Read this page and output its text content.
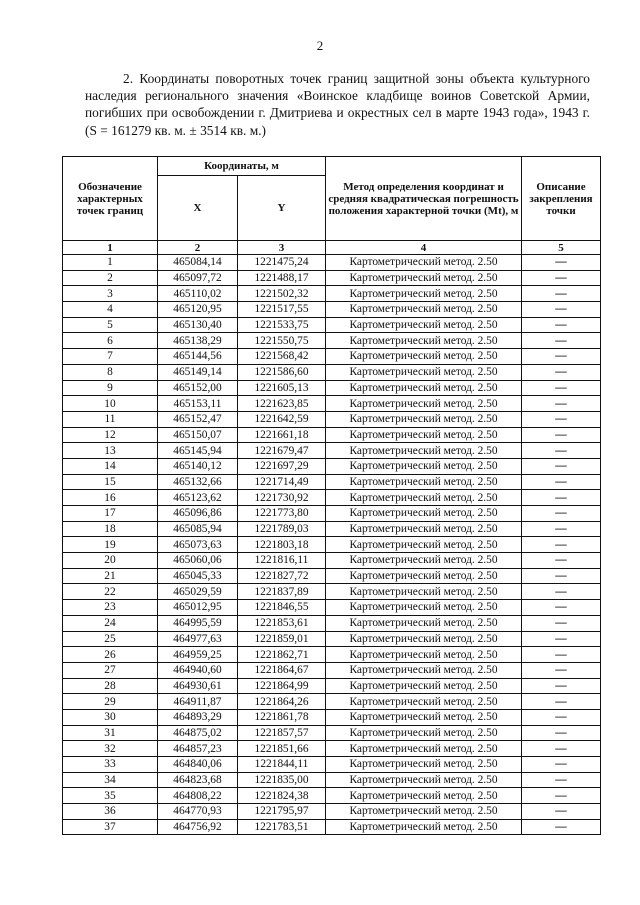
2
2. Координаты поворотных точек границ защитной зоны объекта культурного наследия регионального значения «Воинское кладбище воинов Советской Армии, погибших при освобождении г. Дмитриева и окрестных сел в марте 1943 года», 1943 г. (S = 161279 кв. м. ± 3514 кв. м.)
Обозначение характерных точек границ	Координаты, м		Метод определения координат и средняя квадратическая погрешность положения характерной точки (Mt), м	Описание закрепления точки
	X	Y		
1	2	3	4	5
1	465084,14	1221475,24	Картометрический метод. 2.50	—
2	465097,72	1221488,17	Картометрический метод. 2.50	—
3	465110,02	1221502,32	Картометрический метод. 2.50	—
4	465120,95	1221517,55	Картометрический метод. 2.50	—
5	465130,40	1221533,75	Картометрический метод. 2.50	—
6	465138,29	1221550,75	Картометрический метод. 2.50	—
7	465144,56	1221568,42	Картометрический метод. 2.50	—
8	465149,14	1221586,60	Картометрический метод. 2.50	—
9	465152,00	1221605,13	Картометрический метод. 2.50	—
10	465153,11	1221623,85	Картометрический метод. 2.50	—
11	465152,47	1221642,59	Картометрический метод. 2.50	—
12	465150,07	1221661,18	Картометрический метод. 2.50	—
13	465145,94	1221679,47	Картометрический метод. 2.50	—
14	465140,12	1221697,29	Картометрический метод. 2.50	—
15	465132,66	1221714,49	Картометрический метод. 2.50	—
16	465123,62	1221730,92	Картометрический метод. 2.50	—
17	465096,86	1221773,80	Картометрический метод. 2.50	—
18	465085,94	1221789,03	Картометрический метод. 2.50	—
19	465073,63	1221803,18	Картометрический метод. 2.50	—
20	465060,06	1221816,11	Картометрический метод. 2.50	—
21	465045,33	1221827,72	Картометрический метод. 2.50	—
22	465029,59	1221837,89	Картометрический метод. 2.50	—
23	465012,95	1221846,55	Картометрический метод. 2.50	—
24	464995,59	1221853,61	Картометрический метод. 2.50	—
25	464977,63	1221859,01	Картометрический метод. 2.50	—
26	464959,25	1221862,71	Картометрический метод. 2.50	—
27	464940,60	1221864,67	Картометрический метод. 2.50	—
28	464930,61	1221864,99	Картометрический метод. 2.50	—
29	464911,87	1221864,26	Картометрический метод. 2.50	—
30	464893,29	1221861,78	Картометрический метод. 2.50	—
31	464875,02	1221857,57	Картометрический метод. 2.50	—
32	464857,23	1221851,66	Картометрический метод. 2.50	—
33	464840,06	1221844,11	Картометрический метод. 2.50	—
34	464823,68	1221835,00	Картометрический метод. 2.50	—
35	464808,22	1221824,38	Картометрический метод. 2.50	—
36	464770,93	1221795,97	Картометрический метод. 2.50	—
37	464756,92	1221783,51	Картометрический метод. 2.50	—
